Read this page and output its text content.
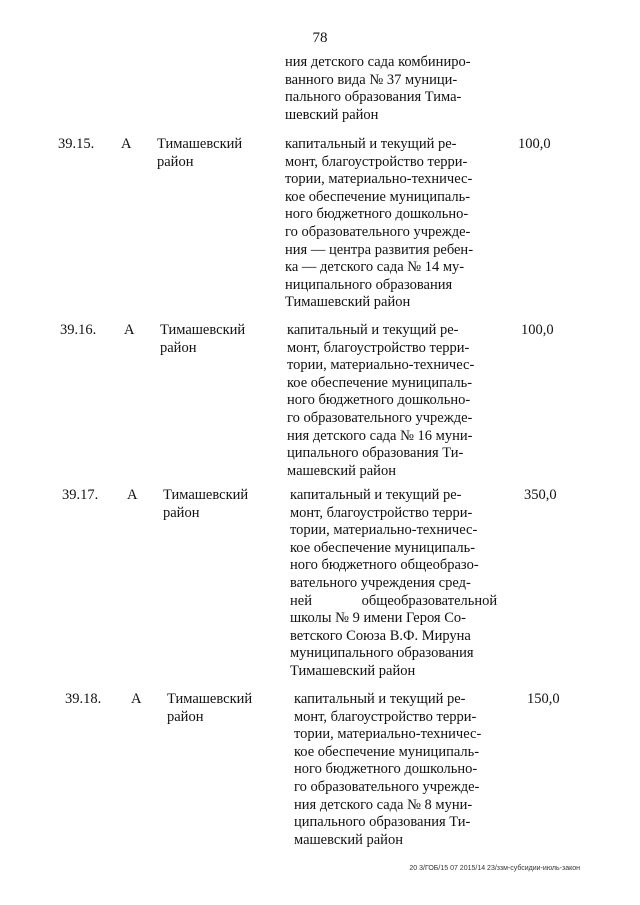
78
ния детского сада комбиниро-
ванного вида № 37 муници-
пального образования Тима-
шевский район
39.15. А Тимашевский
район
капитальный и текущий ре-
монт, благоустройство терри-
тории, материально-техничес-
кое обеспечение муниципаль-
ного бюджетного дошкольно-
го образовательного учрежде-
ния — центра развития ребен-
ка — детского сада № 14 му-
ниципального образования
Тимашевский район
100,0
39.16. А Тимашевский
район
капитальный и текущий ре-
монт, благоустройство терри-
тории, материально-техничес-
кое обеспечение муниципаль-
ного бюджетного дошкольно-
го образовательного учрежде-
ния детского сада № 16 муни-
ципального образования Ти-
машевский район
100,0
39.17. А Тимашевский
район
капитальный и текущий ре-
монт, благоустройство терри-
тории, материально-техничес-
кое обеспечение муниципаль-
ного бюджетного общеобразо-
вательного учреждения сред-
ней общеобразовательной
школы № 9 имени Героя Со-
ветского Союза В.Ф. Мируна
муниципального образования
Тимашевский район
350,0
39.18. А Тимашевский
район
капитальный и текущий ре-
монт, благоустройство терри-
тории, материально-техничес-
кое обеспечение муниципаль-
ного бюджетного дошкольно-
го образовательного учрежде-
ния детского сада № 8 муни-
ципального образования Ти-
машевский район
150,0
20 3/ГОБ/15 07 2015/14 23/ззм-субсидии-июль-закон
